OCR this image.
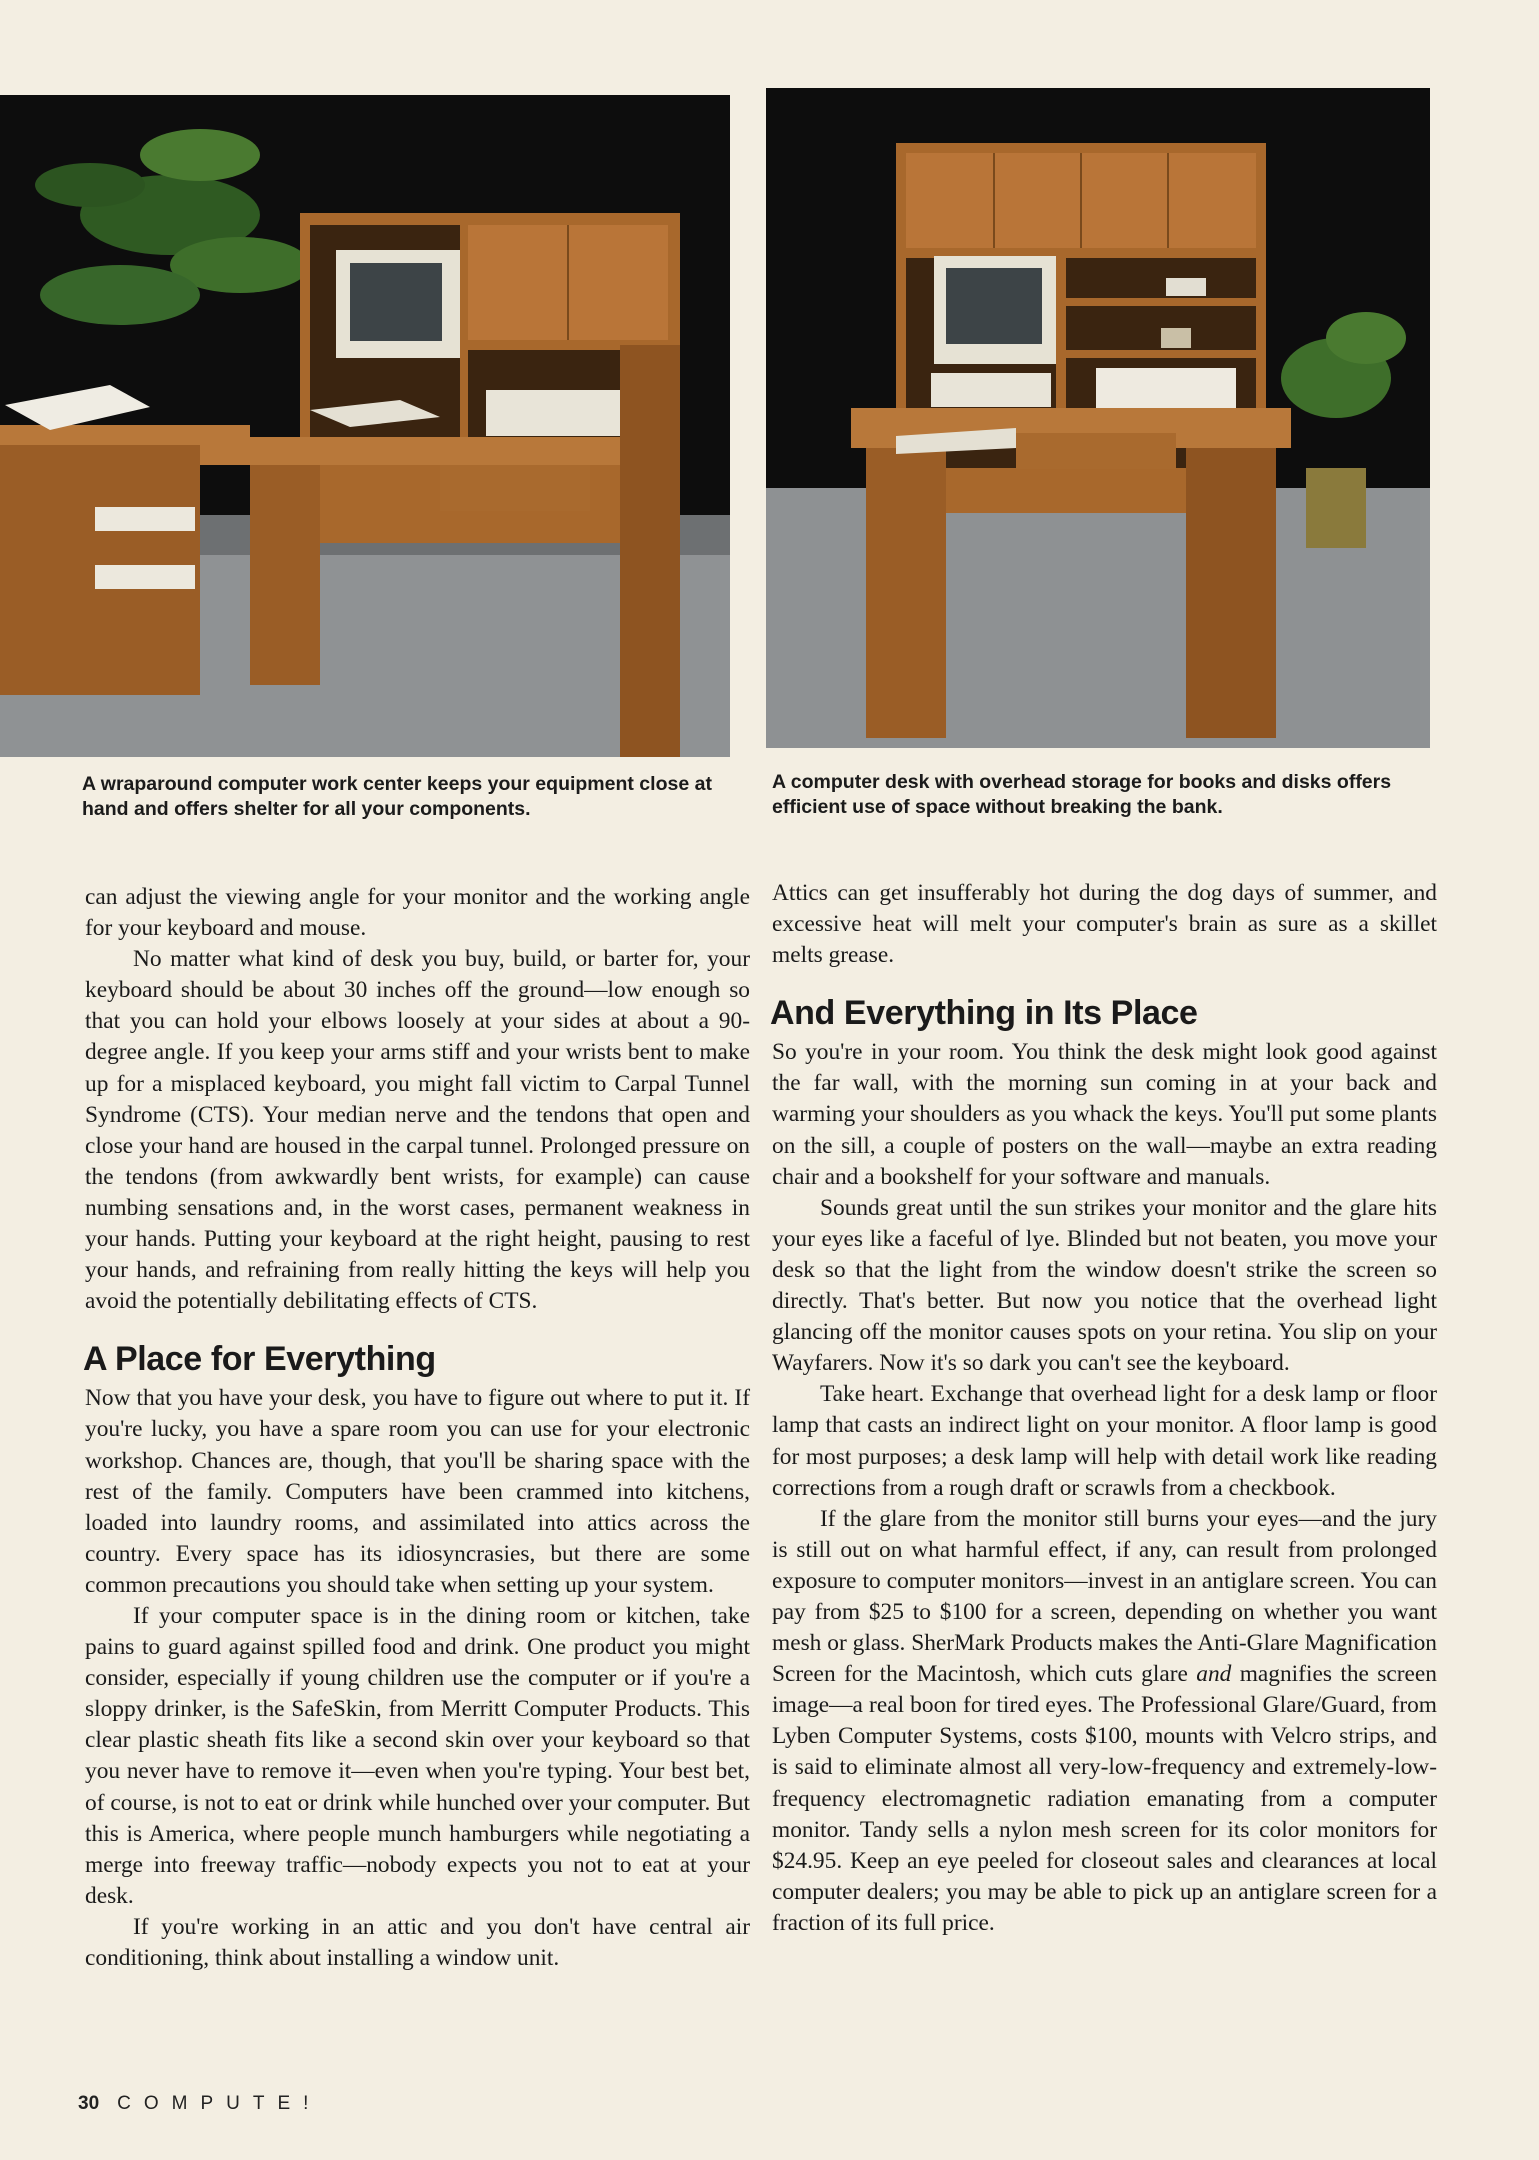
A wraparound computer work center keeps your equipment close at hand and offers shelter for all your components.
A computer desk with overhead storage for books and disks offers efficient use of space without breaking the bank.

can adjust the viewing angle for your monitor and the working angle for your keyboard and mouse.

No matter what kind of desk you buy, build, or barter for, your keyboard should be about 30 inches off the ground—low enough so that you can hold your elbows loosely at your sides at about a 90-degree angle. If you keep your arms stiff and your wrists bent to make up for a misplaced keyboard, you might fall victim to Carpal Tunnel Syndrome (CTS). Your median nerve and the tendons that open and close your hand are housed in the carpal tunnel. Prolonged pressure on the tendons (from awkwardly bent wrists, for example) can cause numbing sensations and, in the worst cases, permanent weakness in your hands. Putting your keyboard at the right height, pausing to rest your hands, and refraining from really hitting the keys will help you avoid the potentially debilitating effects of CTS.

A Place for Everything

Now that you have your desk, you have to figure out where to put it. If you're lucky, you have a spare room you can use for your electronic workshop. Chances are, though, that you'll be sharing space with the rest of the family. Computers have been crammed into kitchens, loaded into laundry rooms, and assimilated into attics across the country. Every space has its idiosyncrasies, but there are some common precautions you should take when setting up your system.

If your computer space is in the dining room or kitchen, take pains to guard against spilled food and drink. One product you might consider, especially if young children use the computer or if you're a sloppy drinker, is the SafeSkin, from Merritt Computer Products. This clear plastic sheath fits like a second skin over your keyboard so that you never have to remove it—even when you're typing. Your best bet, of course, is not to eat or drink while hunched over your computer. But this is America, where people munch hamburgers while negotiating a merge into freeway traffic—nobody expects you not to eat at your desk.

If you're working in an attic and you don't have central air conditioning, think about installing a window unit.

Attics can get insufferably hot during the dog days of summer, and excessive heat will melt your computer's brain as sure as a skillet melts grease.

And Everything in Its Place

So you're in your room. You think the desk might look good against the far wall, with the morning sun coming in at your back and warming your shoulders as you whack the keys. You'll put some plants on the sill, a couple of posters on the wall—maybe an extra reading chair and a bookshelf for your software and manuals.

Sounds great until the sun strikes your monitor and the glare hits your eyes like a faceful of lye. Blinded but not beaten, you move your desk so that the light from the window doesn't strike the screen so directly. That's better. But now you notice that the overhead light glancing off the monitor causes spots on your retina. You slip on your Wayfarers. Now it's so dark you can't see the keyboard.

Take heart. Exchange that overhead light for a desk lamp or floor lamp that casts an indirect light on your monitor. A floor lamp is good for most purposes; a desk lamp will help with detail work like reading corrections from a rough draft or scrawls from a checkbook.

If the glare from the monitor still burns your eyes—and the jury is still out on what harmful effect, if any, can result from prolonged exposure to computer monitors—invest in an antiglare screen. You can pay from $25 to $100 for a screen, depending on whether you want mesh or glass. SherMark Products makes the Anti-Glare Magnification Screen for the Macintosh, which cuts glare and magnifies the screen image—a real boon for tired eyes. The Professional Glare/Guard, from Lyben Computer Systems, costs $100, mounts with Velcro strips, and is said to eliminate almost all very-low-frequency and extremely-low-frequency electromagnetic radiation emanating from a computer monitor. Tandy sells a nylon mesh screen for its color monitors for $24.95. Keep an eye peeled for closeout sales and clearances at local computer dealers; you may be able to pick up an antiglare screen for a fraction of its full price.

30 COMPUTE!
